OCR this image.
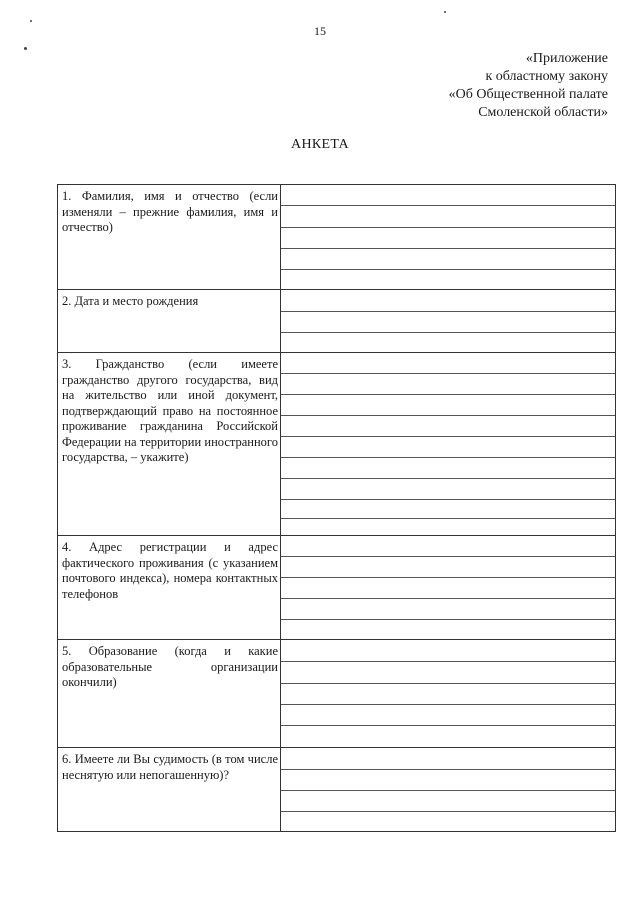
15
«Приложение
к областному закону
«Об Общественной палате
Смоленской области»
АНКЕТА
1. Фамилия, имя и отчество (если изменяли – прежние фамилия, имя и отчество)
2. Дата и место рождения
3. Гражданство (если имеете гражданство другого государства, вид на жительство или иной документ, подтверждающий право на постоянное проживание гражданина Российской Федерации на территории иностранного государства, – укажите)
4. Адрес регистрации и адрес фактического проживания (с указанием почтового индекса), номера контактных телефонов
5. Образование (когда и какие образовательные организации окончили)
6. Имеете ли Вы судимость (в том числе неснятую или непогашенную)?
